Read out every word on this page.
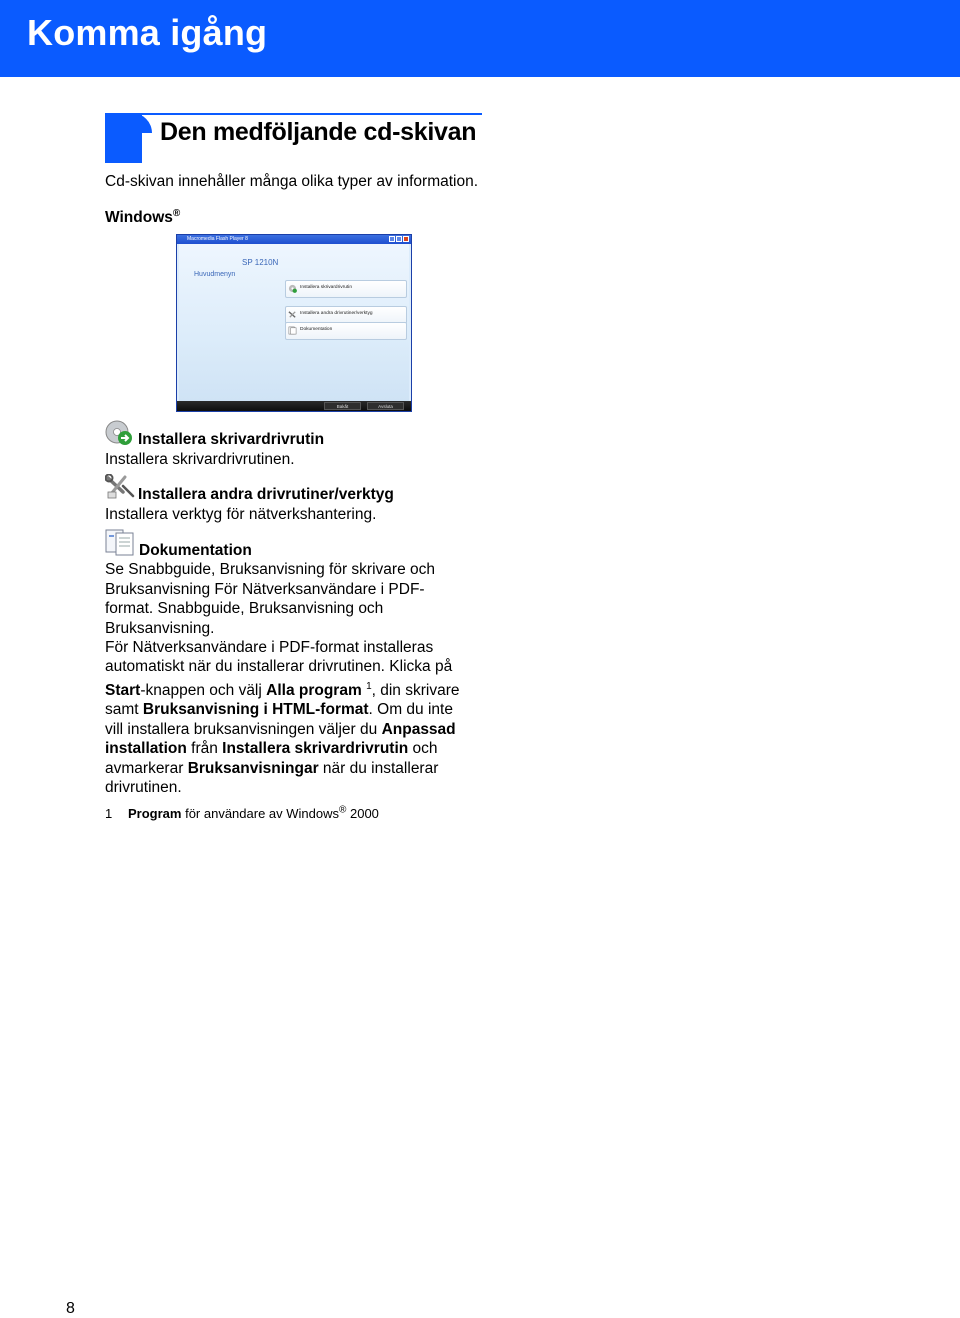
Komma igång
Den medföljande cd-skivan
Cd-skivan innehåller många olika typer av information.
Windows®
Macromedia Flash Player 8
SP 1210N
Huvudmenyn
Installera skrivardrivrutin
Installera andra drivrutiner/verktyg
Dokumentation
Bakåt	Avsluta
Installera skrivardrivrutin
Installera skrivardrivrutinen.
Installera andra drivrutiner/verktyg
Installera verktyg för nätverkshantering.
Dokumentation
Se Snabbguide, Bruksanvisning för skrivare och
Bruksanvisning För Nätverksanvändare i PDF-
format. Snabbguide, Bruksanvisning och
Bruksanvisning.
För Nätverksanvändare i PDF-format installeras
automatiskt när du installerar drivrutinen. Klicka på
Start-knappen och välj Alla program $^1$, din skrivare
samt Bruksanvisning i HTML-format. Om du inte
vill installera bruksanvisningen väljer du Anpassad
installation från Installera skrivardrivrutin och
avmarkerar Bruksanvisningar när du installerar
drivrutinen.
1 Program för användare av Windows® 2000
8
